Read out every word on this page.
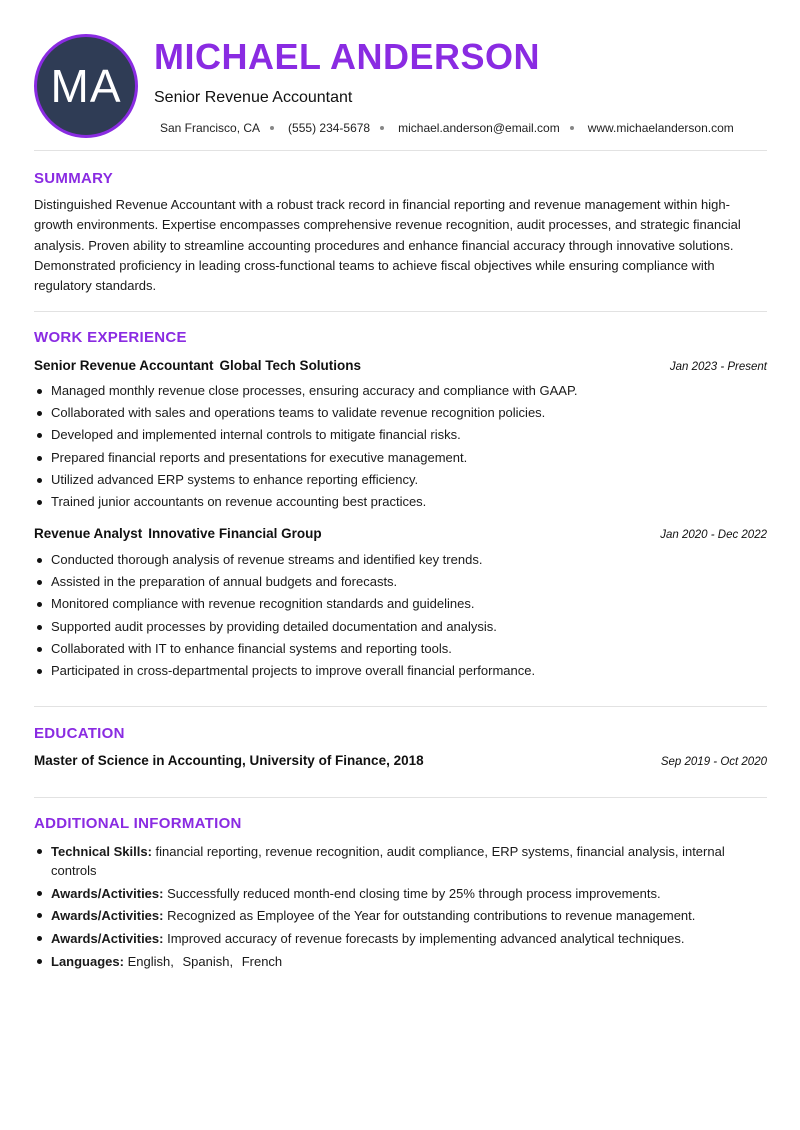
MA
MICHAEL ANDERSON
Senior Revenue Accountant
San Francisco, CA (555) 234-5678 michael.anderson@email.com www.michaelanderson.com
SUMMARY

Distinguished Revenue Accountant with a robust track record in financial reporting and revenue management within high-growth environments. Expertise encompasses comprehensive revenue recognition, audit processes, and strategic financial analysis. Proven ability to streamline accounting procedures and enhance financial accuracy through innovative solutions. Demonstrated proficiency in leading cross-functional teams to achieve fiscal objectives while ensuring compliance with regulatory standards.

WORK EXPERIENCE
Senior Revenue Accountant Global Tech Solutions	Jan 2023 - Present
Managed monthly revenue close processes, ensuring accuracy and compliance with GAAP.
Collaborated with sales and operations teams to validate revenue recognition policies.
Developed and implemented internal controls to mitigate financial risks.
Prepared financial reports and presentations for executive management.
Utilized advanced ERP systems to enhance reporting efficiency.
Trained junior accountants on revenue accounting best practices.
Revenue Analyst Innovative Financial Group	Jan 2020 - Dec 2022
Conducted thorough analysis of revenue streams and identified key trends.
Assisted in the preparation of annual budgets and forecasts.
Monitored compliance with revenue recognition standards and guidelines.
Supported audit processes by providing detailed documentation and analysis.
Collaborated with IT to enhance financial systems and reporting tools.
Participated in cross-departmental projects to improve overall financial performance.
EDUCATION
Master of Science in Accounting, University of Finance, 2018	Sep 2019 - Oct 2020
ADDITIONAL INFORMATION
Technical Skills: financial reporting, revenue recognition, audit compliance, ERP systems, financial analysis, internal controls
Awards/Activities: Successfully reduced month-end closing time by 25% through process improvements.
Awards/Activities: Recognized as Employee of the Year for outstanding contributions to revenue management.
Awards/Activities: Improved accuracy of revenue forecasts by implementing advanced analytical techniques.
Languages: English, Spanish, French
